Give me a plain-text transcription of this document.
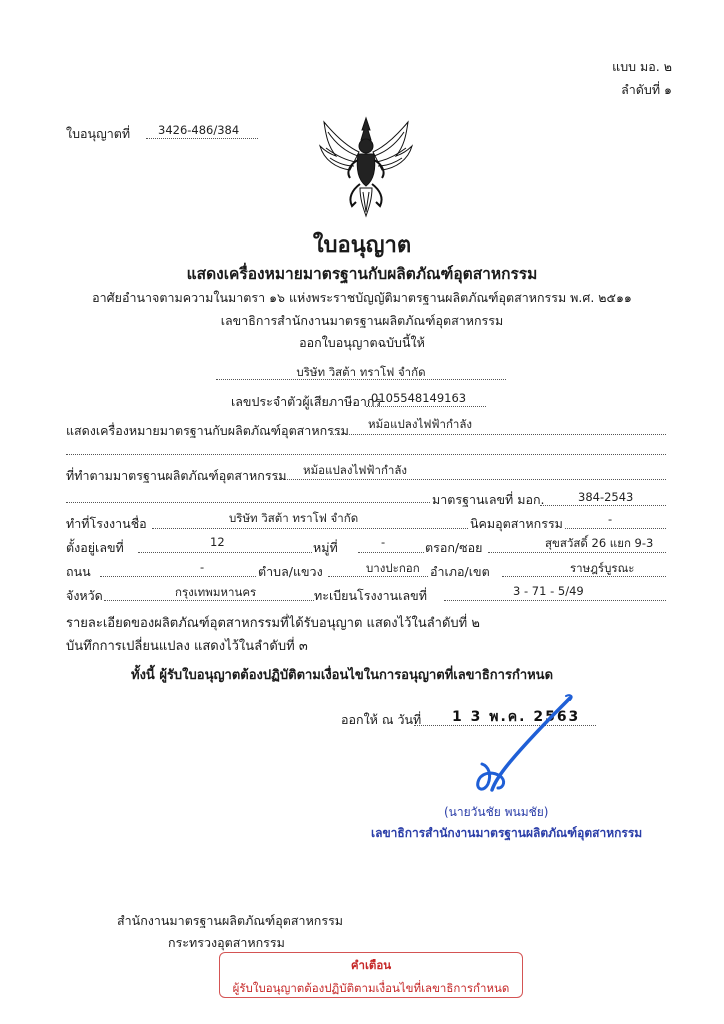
แบบ มอ. ๒
ลำดับที่ ๑
ใบอนุญาตที่ 3426-486/384
ใบอนุญาต
แสดงเครื่องหมายมาตรฐานกับผลิตภัณฑ์อุตสาหกรรม
อาศัยอำนาจตามความในมาตรา ๑๖ แห่งพระราชบัญญัติมาตรฐานผลิตภัณฑ์อุตสาหกรรม พ.ศ. ๒๕๑๑
เลขาธิการสำนักงานมาตรฐานผลิตภัณฑ์อุตสาหกรรม
ออกใบอนุญาตฉบับนี้ให้
บริษัท วิสต้า ทราโฟ จำกัด
เลขประจำตัวผู้เสียภาษีอากร
0105548149163
แสดงเครื่องหมายมาตรฐานกับผลิตภัณฑ์อุตสาหกรรม หม้อแปลงไฟฟ้ากำลัง
ที่ทำตามมาตรฐานผลิตภัณฑ์อุตสาหกรรม หม้อแปลงไฟฟ้ากำลัง
มาตรฐานเลขที่ มอก.	384-2543
ทำที่โรงงานชื่อ	บริษัท วิสต้า ทราโฟ จำกัด	นิคมอุตสาหกรรม	-
ตั้งอยู่เลขที่	12	หมู่ที่	-	ตรอก/ซอย	สุขสวัสดิ์ 26 แยก 9-3
ถนน	-	ตำบล/แขวง	บางปะกอก อำเภอ/เขต	ราษฎร์บูรณะ
จังหวัด	กรุงเทพมหานคร	ทะเบียนโรงงานเลขที่	3 - 71 - 5/49
รายละเอียดของผลิตภัณฑ์อุตสาหกรรมที่ได้รับอนุญาต แสดงไว้ในลำดับที่ ๒
บันทึกการเปลี่ยนแปลง แสดงไว้ในลำดับที่ ๓
ทั้งนี้ ผู้รับใบอนุญาตต้องปฏิบัติตามเงื่อนไขในการอนุญาตที่เลขาธิการกำหนด
ออกให้ ณ วันที่ 1 3 พ.ค. 2563
(นายวันชัย พนมชัย)
เลขาธิการสำนักงานมาตรฐานผลิตภัณฑ์อุตสาหกรรม
สำนักงานมาตรฐานผลิตภัณฑ์อุตสาหกรรม
กระทรวงอุตสาหกรรม
คำเตือน
ผู้รับใบอนุญาตต้องปฏิบัติตามเงื่อนไขที่เลขาธิการกำหนด
